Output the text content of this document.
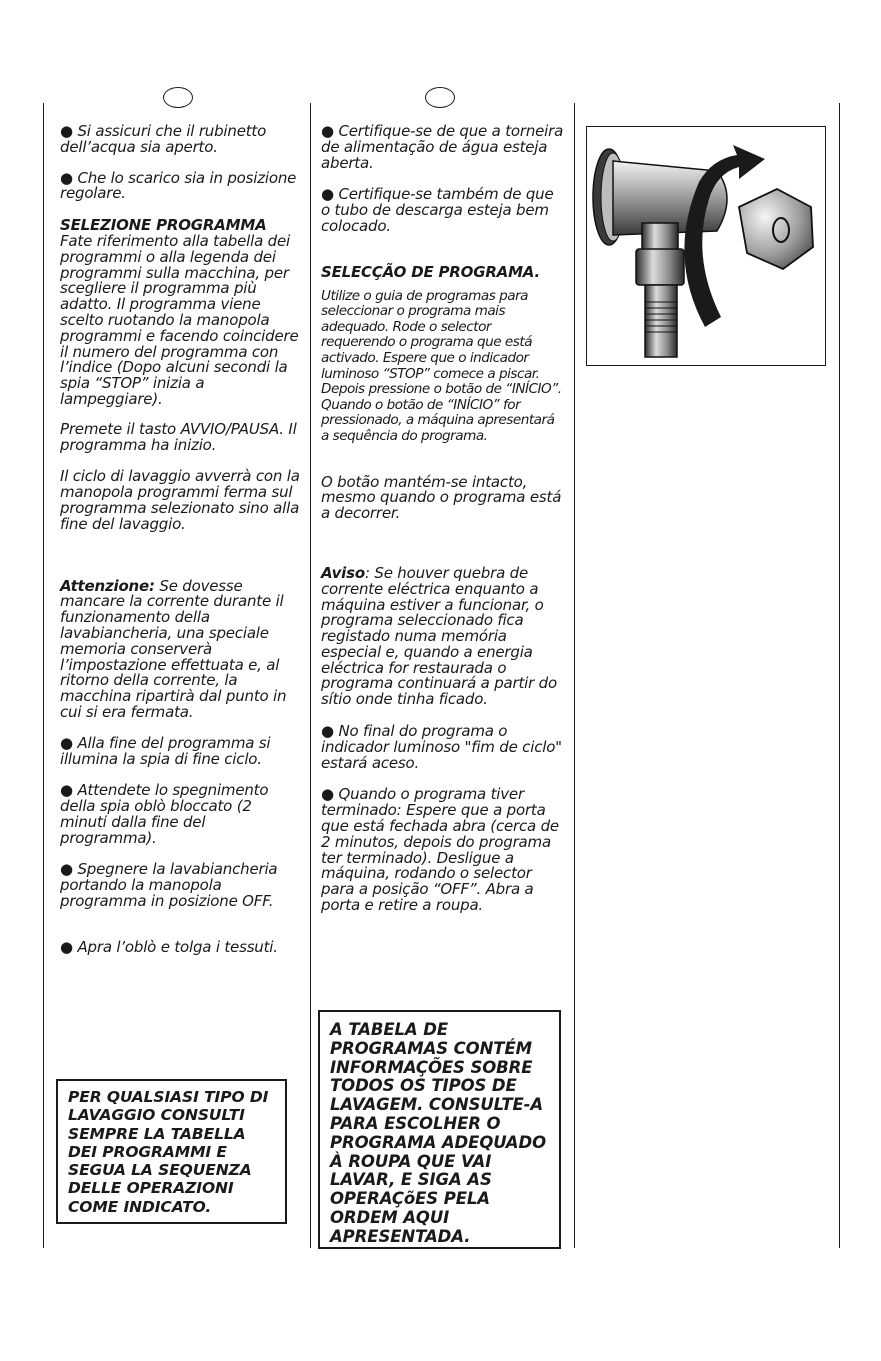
● Si assicuri che il rubinetto dell’acqua sia aperto.

● Che lo scarico sia in posizione regolare.

SELEZIONE PROGRAMMA
Fate riferimento alla tabella dei programmi o alla legenda dei programmi sulla macchina, per scegliere il programma più adatto. Il programma viene scelto ruotando la manopola programmi e facendo coincidere il numero del programma con l’indice (Dopo alcuni secondi la spia “STOP” inizia a lampeggiare).

Premete il tasto AVVIO/PAUSA. Il programma ha inizio.

Il ciclo di lavaggio avverrà con la manopola programmi ferma sul programma selezionato sino alla fine del lavaggio.

Attenzione: Se dovesse mancare la corrente durante il funzionamento della lavabiancheria, una speciale memoria conserverà l’impostazione effettuata e, al ritorno della corrente, la macchina ripartirà dal punto in cui si era fermata.

● Alla fine del programma si illumina la spia di fine ciclo.

● Attendete lo spegnimento della spia oblò bloccato (2 minuti dalla fine del programma).

● Spegnere la lavabiancheria portando la manopola programma in posizione OFF.

● Apra l’oblò e tolga i tessuti.

PER QUALSIASI TIPO DI LAVAGGIO CONSULTI SEMPRE LA TABELLA DEI PROGRAMMI E SEGUA LA SEQUENZA DELLE OPERAZIONI COME INDICATO.

● Certifique-se de que a torneira de alimentação de água esteja aberta.

● Certifique-se também de que o tubo de descarga esteja bem colocado.

SELECÇÃO DE PROGRAMA.
Utilize o guia de programas para seleccionar o programa mais adequado. Rode o selector requerendo o programa que está activado. Espere que o indicador luminoso “STOP” comece a piscar. Depois pressione o botão de “INÍCIO”. Quando o botão de “INÍCIO” for pressionado, a máquina apresentará a sequência do programa.

O botão mantém-se intacto, mesmo quando o programa está a decorrer.

Aviso: Se houver quebra de corrente eléctrica enquanto a máquina estiver a funcionar, o programa seleccionado fica registado numa memória especial e, quando a energia eléctrica for restaurada o programa continuará a partir do sítio onde tinha ficado.

● No final do programa o indicador luminoso "fim de ciclo" estará aceso.

● Quando o programa tiver terminado: Espere que a porta que está fechada abra (cerca de 2 minutos, depois do programa ter terminado). Desligue a máquina, rodando o selector para a posição “OFF”. Abra a porta e retire a roupa.

A TABELA DE PROGRAMAS CONTÉM INFORMAÇÕES SOBRE TODOS OS TIPOS DE LAVAGEM. CONSULTE-A PARA ESCOLHER O PROGRAMA ADEQUADO À ROUPA QUE VAI LAVAR, E SIGA AS OPERAÇõES PELA ORDEM AQUI APRESENTADA.
